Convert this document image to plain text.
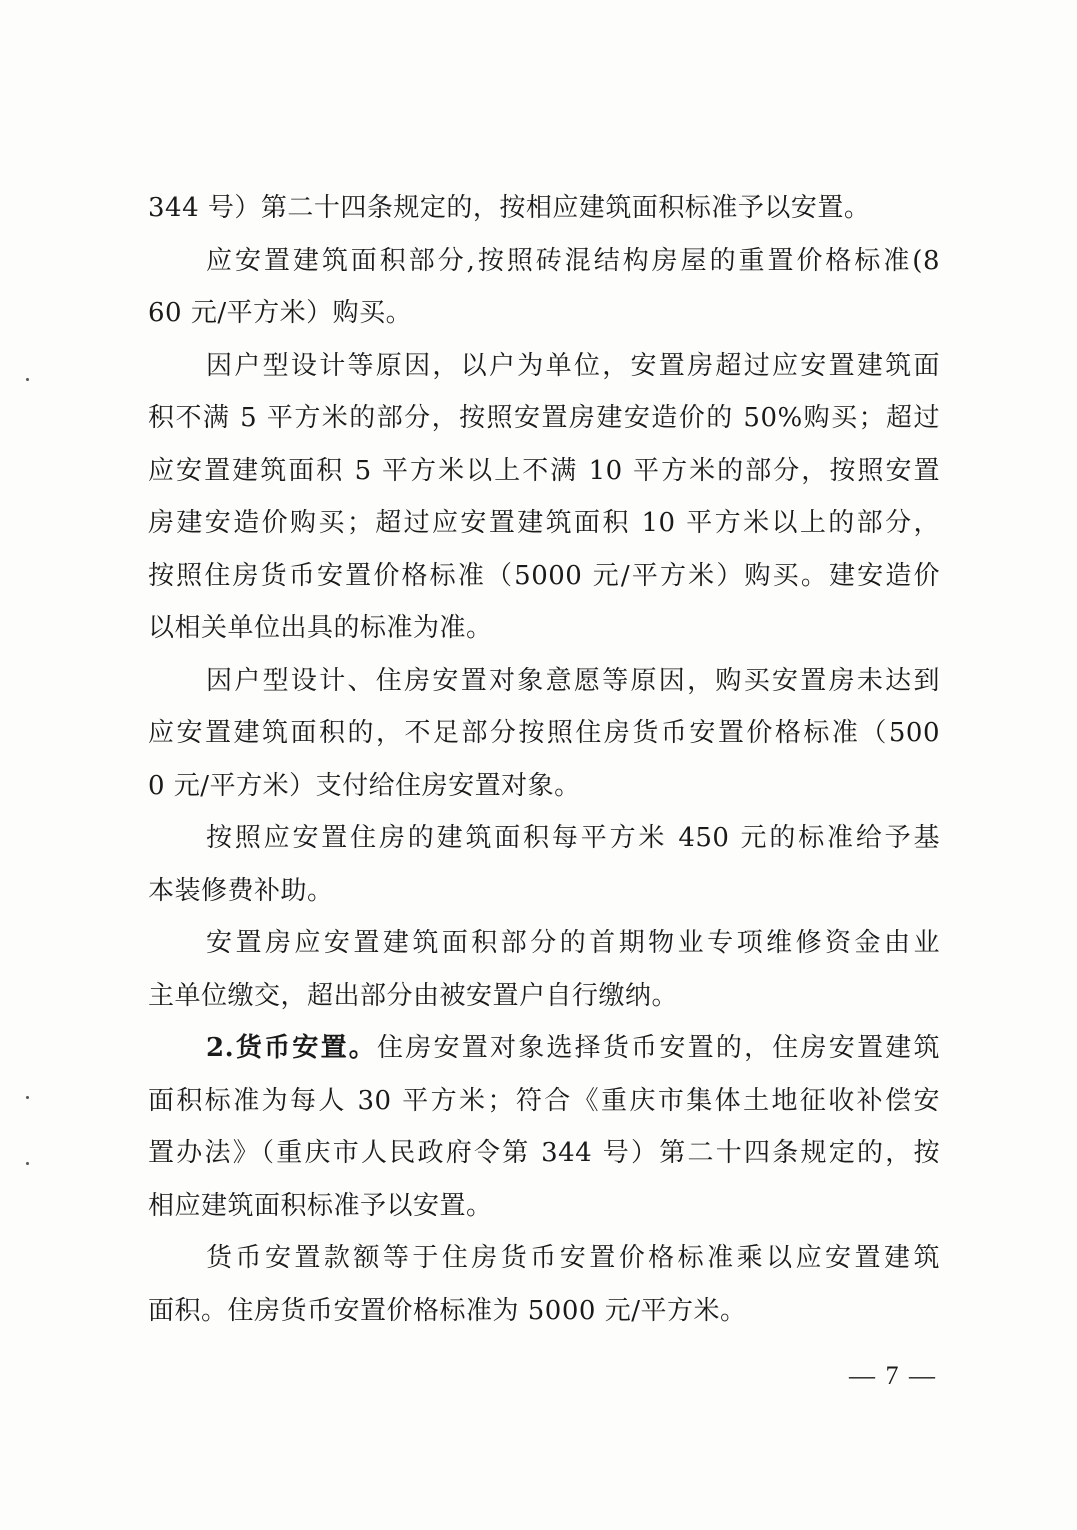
344 号）第二十四条规定的，按相应建筑面积标准予以安置。

应安置建筑面积部分,按照砖混结构房屋的重置价格标准(8
60 元/平方米）购买。

因户型设计等原因，以户为单位，安置房超过应安置建筑面
积不满 5 平方米的部分，按照安置房建安造价的 50%购买；超过
应安置建筑面积 5 平方米以上不满 10 平方米的部分，按照安置
房建安造价购买；超过应安置建筑面积 10 平方米以上的部分，
按照住房货币安置价格标准（5000 元/平方米）购买。建安造价
以相关单位出具的标准为准。

因户型设计、住房安置对象意愿等原因，购买安置房未达到
应安置建筑面积的，不足部分按照住房货币安置价格标准（500
0 元/平方米）支付给住房安置对象。

按照应安置住房的建筑面积每平方米 450 元的标准给予基
本装修费补助。

安置房应安置建筑面积部分的首期物业专项维修资金由业
主单位缴交，超出部分由被安置户自行缴纳。

2.货币安置。住房安置对象选择货币安置的，住房安置建筑
面积标准为每人 30 平方米；符合《重庆市集体土地征收补偿安
置办法》（重庆市人民政府令第 344 号）第二十四条规定的，按
相应建筑面积标准予以安置。

货币安置款额等于住房货币安置价格标准乘以应安置建筑
面积。住房货币安置价格标准为 5000 元/平方米。

— 7 —
